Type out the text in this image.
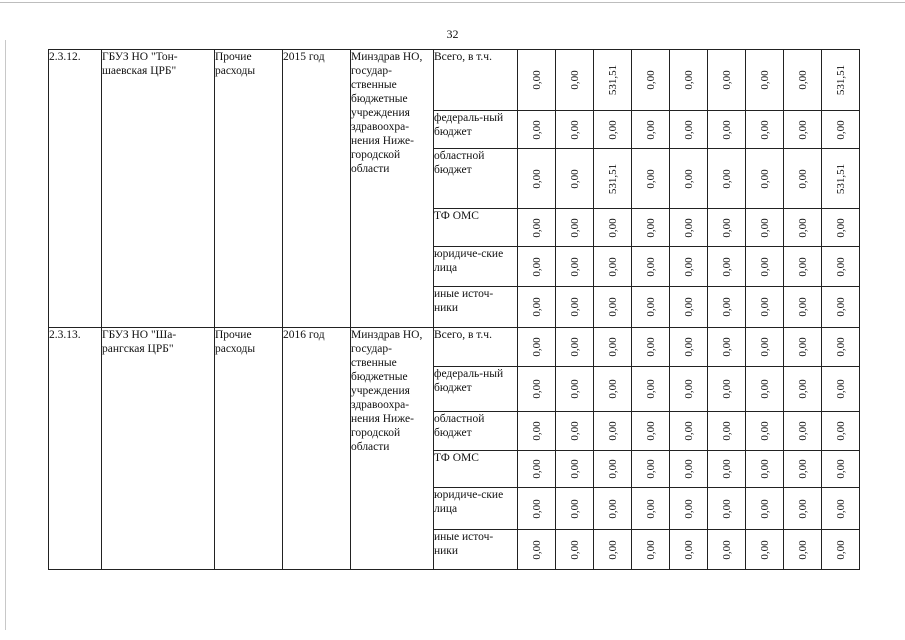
32
2.3.12.	ГБУЗ НО "Тон-шаевская ЦРБ"	Прочие расходы	2015 год	Минздрав НО, государ-ственные бюджетные учреждения здравоохра-нения Ниже-городской области	Всего, в т.ч.	0,00	0,00	531,51	0,00	0,00	0,00	0,00	0,00	531,51

					федераль-ный бюджет	0,00	0,00	0,00	0,00	0,00	0,00	0,00	0,00	0,00

					областной бюджет	0,00	0,00	531,51	0,00	0,00	0,00	0,00	0,00	531,51

					ТФ ОМС	0,00	0,00	0,00	0,00	0,00	0,00	0,00	0,00	0,00

					юридиче-ские лица	0,00	0,00	0,00	0,00	0,00	0,00	0,00	0,00	0,00

					иные источ-ники	0,00	0,00	0,00	0,00	0,00	0,00	0,00	0,00	0,00

2.3.13.	ГБУЗ НО "Ша-рангская ЦРБ"	Прочие расходы	2016 год	Минздрав НО, государ-ственные бюджетные учреждения здравоохра-нения Ниже-городской области	Всего, в т.ч.	0,00	0,00	0,00	0,00	0,00	0,00	0,00	0,00	0,00

					федераль-ный бюджет	0,00	0,00	0,00	0,00	0,00	0,00	0,00	0,00	0,00

					областной бюджет	0,00	0,00	0,00	0,00	0,00	0,00	0,00	0,00	0,00

					ТФ ОМС	0,00	0,00	0,00	0,00	0,00	0,00	0,00	0,00	0,00

					юридиче-ские лица	0,00	0,00	0,00	0,00	0,00	0,00	0,00	0,00	0,00

					иные источ-ники	0,00	0,00	0,00	0,00	0,00	0,00	0,00	0,00	0,00
